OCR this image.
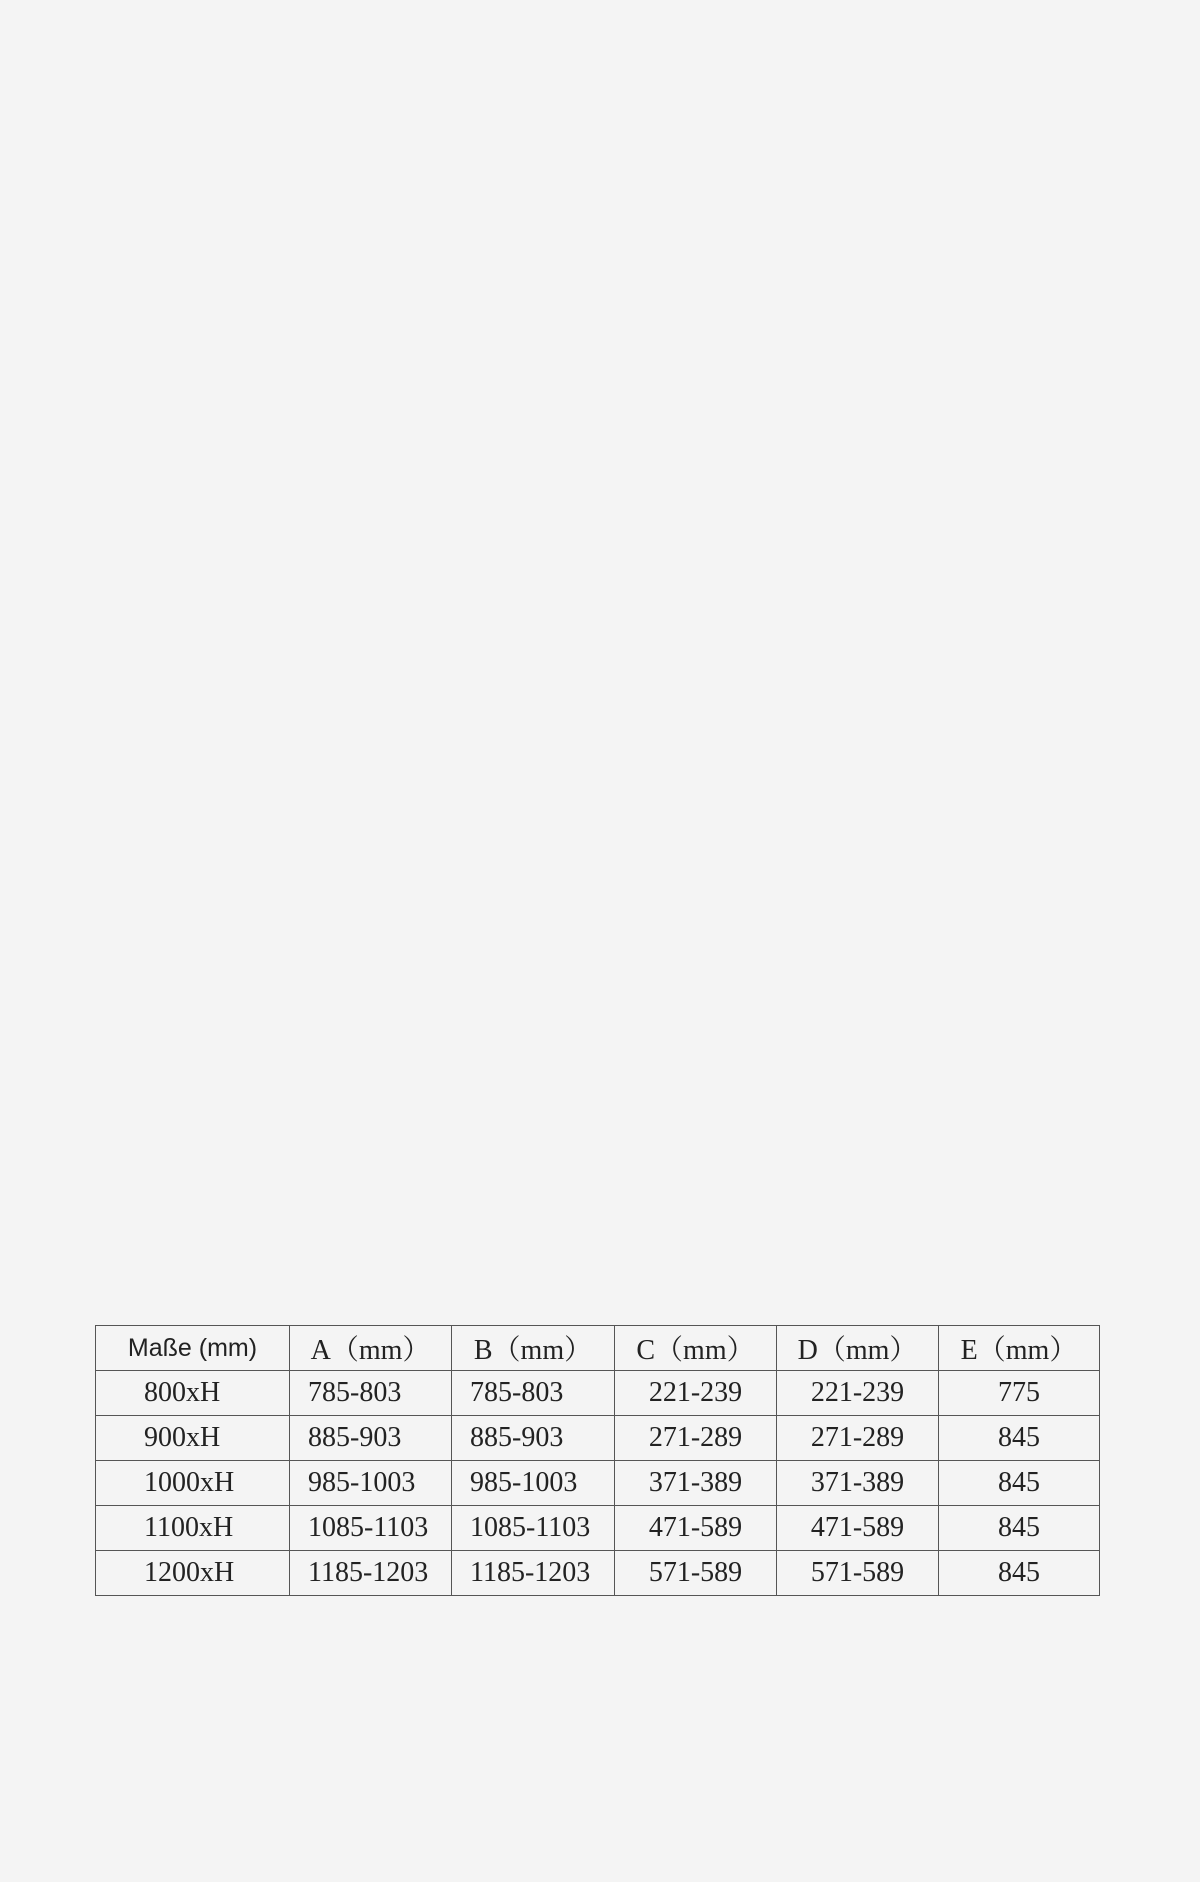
Maße (mm)	A（mm）	B（mm）	C（mm）	D（mm）	E（mm）
800xH	785-803	785-803	221-239	221-239	775
900xH	885-903	885-903	271-289	271-289	845
1000xH	985-1003	985-1003	371-389	371-389	845
1100xH	1085-1103	1085-1103	471-589	471-589	845
1200xH	1185-1203	1185-1203	571-589	571-589	845
